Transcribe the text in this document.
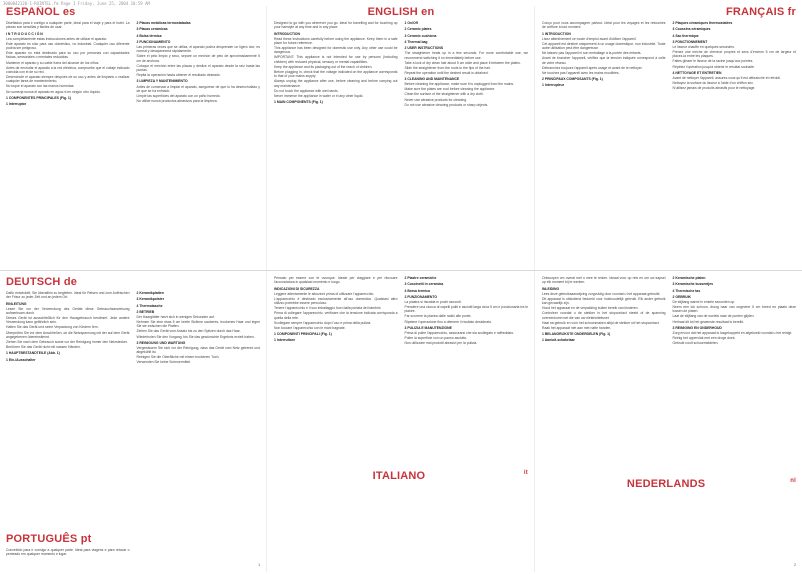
3000042120-1-RXINTEL.fm Page 1 Friday, June 25, 2004 10:59 AM
ESPAÑOL es

Disefiados para ir contigo a cualquier parte, ideal para el viaje y para el hotel. La piezas son sencillas y fáciles de usar.

I N T R O D U C C I Ó N

Lea completamente estas instrucciones antes de utilizar el aparato.

Este aparato es sólo para uso doméstico, no industrial. Cualquier uso diferente podría ser peligroso.

Este aparato no está destinado para su uso por personas con capacidades físicas, sensoriales o mentales reducidas.

Mantener el aparato y su cable fuera del alcance de los niños.

Antes de enchufar el aparato a la red eléctrica, compruebe que el voltaje indicado coincida con el de su red.

Desenchufe el aparato siempre después de su uso y antes de limpiarlo o realizar cualquier tarea de mantenimiento.

No toque el aparato con las manos húmedas.

No sumerja nunca el aparato en agua ni en ningún otro líquido.

1 COMPONENTES PRINCIPALES (Fig. 1)

1 Interruptor

2 Placas metálicas termostatadas

3 Placas cerámicas

4 Bolsa térmica

2 FUNCIONAMIENTO

Las primeras veces que se utiliza, el aparato podría desprender un ligero olor; es normal y desaparecerá rápidamente.

Sobre el pelo limpio y seco, separe un mechón de pelo de aproximadamente 5 cm de anchura.

Coloque el mechón entre las placas y deslice el aparato desde la raíz hasta las puntas.

Repita la operación hasta obtener el resultado deseado.

3 LIMPIEZA Y MANTENIMIENTO

Antes de comenzar a limpiar el aparato, asegúrese de que lo ha desenchufado y de que se ha enfriado.

Limpie las superficies del aparato con un paño húmedo.

No utilice nunca productos abrasivos para la limpieza.

ENGLISH en

Designed to go with you wherever you go. Ideal for travelling and for touching up your hairstyle at any time and in any place.

INTRODUCTION

Read these instructions carefully before using the appliance. Keep them in a safe place for future reference.

This appliance has been designed for domestic use only. Any other use could be dangerous.

IMPORTANT: This appliance is not intended for use by persons (including children) with reduced physical, sensory or mental capabilities.

Keep the appliance and its packaging out of the reach of children.

Before plugging in, check that the voltage indicated on the appliance corresponds to that of your mains supply.

Always unplug the appliance after use, before cleaning and before carrying out any maintenance.

Do not touch the appliance with wet hands.

Never immerse the appliance in water or in any other liquid.

1 MAIN COMPONENTS (Fig. 1)

1 On/Off

2 Ceramic plates

3 Ceramic cushions

4 Thermal bag

2 USER INSTRUCTIONS

The straightener heats up in a few seconds. For more comfortable use, we recommend switching it on immediately before use.

Take a lock of dry clean hair about 5 cm wide and place it between the plates.

Slide the straightener from the roots to the tips of the hair.

Repeat the operation until the desired result is obtained.

3 CLEANING AND MAINTENANCE

Before cleaning the appliance, make sure it is unplugged from the mains.

Make sure the plates are cool before cleaning the appliance.

Clean the surface of the straightener with a dry cloth.

Never use abrasive products for cleaning.

Do not use abrasive cleaning products or sharp objects.

FRANÇAIS fr

Conçu pour vous accompagner partout. Idéal pour les voyages et les retouches de coiffure à tout moment.

1 INTRODUCTION

Lisez attentivement ce mode d'emploi avant d'utiliser l'appareil.

Cet appareil est destiné uniquement à un usage domestique, non industriel. Toute autre utilisation peut être dangereuse.

Ne laissez pas l'appareil ni son emballage à la portée des enfants.

Avant de brancher l'appareil, vérifiez que la tension indiquée correspond à celle de votre réseau.

Débranchez toujours l'appareil après usage et avant de le nettoyer.

Ne touchez pas l'appareil avec les mains mouillées.

2 PRINCIPAUX COMPOSANTS (Fig. 1)

1 Interrupteur

2 Plaques céramiques thermostatées

3 Coussins céramiques

4 Sac thermique

3 FONCTIONNEMENT

Le lisseur chauffe en quelques secondes.

Prenez une mèche de cheveux propres et secs d'environ 5 cm de largeur et placez-la entre les plaques.

Faites glisser le lisseur de la racine jusqu'aux pointes.

Répétez l'opération jusqu'à obtenir le résultat souhaité.

4 NETTOYAGE ET ENTRETIEN

Avant de nettoyer l'appareil, assurez-vous qu'il est débranché et refroidi.

Nettoyez la surface du lisseur à l'aide d'un chiffon sec.

N'utilisez jamais de produits abrasifs pour le nettoyage.

DEUTSCH de

Dafür entwickelt, Sie überallhin zu begleiten. Ideal für Reisen und zum Auffrischen der Frisur zu jeder Zeit und an jedem Ort.

EINLEITUNG

Lesen Sie vor der Verwendung des Geräts diese Gebrauchsanweisung aufmerksam durch.

Dieses Gerät ist ausschließlich für den Hausgebrauch bestimmt. Jede andere Verwendung kann gefährlich sein.

Halten Sie das Gerät und seine Verpackung von Kindern fern.

Überprüfen Sie vor dem Anschließen, ob die Netzspannung mit der auf dem Gerät angegebenen übereinstimmt.

Ziehen Sie nach dem Gebrauch sowie vor der Reinigung immer den Netzstecker.

Berühren Sie das Gerät nicht mit nassen Händen.

1 HAUPTBESTANDTEILE (Abb. 1)

1 Ein-/Ausschalter

2 Keramikplatten

3 Keramikpolster

4 Thermotasche

2 BETRIEB

Der Haarglätter heizt sich in wenigen Sekunden auf.

Nehmen Sie eine etwa 5 cm breite Strähne sauberes, trockenes Haar und legen Sie sie zwischen die Platten.

Ziehen Sie das Gerät vom Ansatz bis zu den Spitzen durch das Haar.

Wiederholen Sie den Vorgang, bis Sie das gewünschte Ergebnis erzielt haben.

3 REINIGUNG UND WARTUNG

Vergewissern Sie sich vor der Reinigung, dass das Gerät vom Netz getrennt und abgekühlt ist.

Reinigen Sie die Oberfläche mit einem trockenen Tuch.

Verwenden Sie keine Scheuermittel.

PORTUGUÊS pt

Concebido para ir consigo a qualquer parte. Ideal para viagens e para retocar o penteado em qualquer momento e lugar.

Pensato per essere con te ovunque. Ideale per viaggiare e per ritoccare l'acconciatura in qualsiasi momento e luogo.

INDICAZIONI DI SICUREZZA

Leggere attentamente le istruzioni prima di utilizzare l'apparecchio.

L'apparecchio è destinato esclusivamente all'uso domestico. Qualsiasi altro utilizzo potrebbe essere pericoloso.

Tenere l'apparecchio e il suo imballaggio fuori dalla portata dei bambini.

Prima di collegare l'apparecchio, verificare che la tensione indicata corrisponda a quella della rete.

Scollegare sempre l'apparecchio dopo l'uso e prima della pulizia.

Non toccare l'apparecchio con le mani bagnate.

1 COMPONENTI PRINCIPALI (Fig. 1)

1 Interruttore

2 Piastre ceramiche

3 Cuscinetti in ceramica

4 Borsa termica

2 FUNZIONAMENTO

La piastra si riscalda in pochi secondi.

Prendere una ciocca di capelli puliti e asciutti larga circa 5 cm e posizionarla tra le piastre.

Far scorrere la piastra dalle radici alle punte.

Ripetere l'operazione fino a ottenere il risultato desiderato.

3 PULIZIA E MANUTENZIONE

Prima di pulire l'apparecchio, assicurarsi che sia scollegato e raffreddato.

Pulire la superficie con un panno asciutto.

Non utilizzare mai prodotti abrasivi per la pulizia.

ITALIANO	it

Ontworpen om overal met u mee te reizen. Ideaal voor op reis en om uw kapsel op elk moment bij te werken.

INLEIDING

Lees deze gebruiksaanwijzing zorgvuldig door voordat u het apparaat gebruikt.

Dit apparaat is uitsluitend bedoeld voor huishoudelijk gebruik. Elk ander gebruik kan gevaarlijk zijn.

Houd het apparaat en de verpakking buiten bereik van kinderen.

Controleer voordat u de stekker in het stopcontact steekt of de spanning overeenkomt met die van uw elektriciteitsnet.

Haal na gebruik en vóór het schoonmaken altijd de stekker uit het stopcontact.

Raak het apparaat niet aan met natte handen.

1 BELANGRIJKSTE ONDERDELEN (Fig. 1)

1 Aan/uit-schakelaar

2 Keramische platen

3 Keramische kussentjes

4 Thermische tas

2 GEBRUIK

De stijltang warmt in enkele seconden op.

Neem een lok schoon, droog haar van ongeveer 5 cm breed en plaats deze tussen de platen.

Laat de stijltang van de wortels naar de punten glijden.

Herhaal dit tot het gewenste resultaat is bereikt.

3 REINIGING EN ONDERHOUD

Zorg ervoor dat het apparaat is losgekoppeld en afgekoeld voordat u het reinigt.

Reinig het oppervlak met een droge doek.

Gebruik nooit schuurmiddelen.

NEDERLANDS	nl
1	2
